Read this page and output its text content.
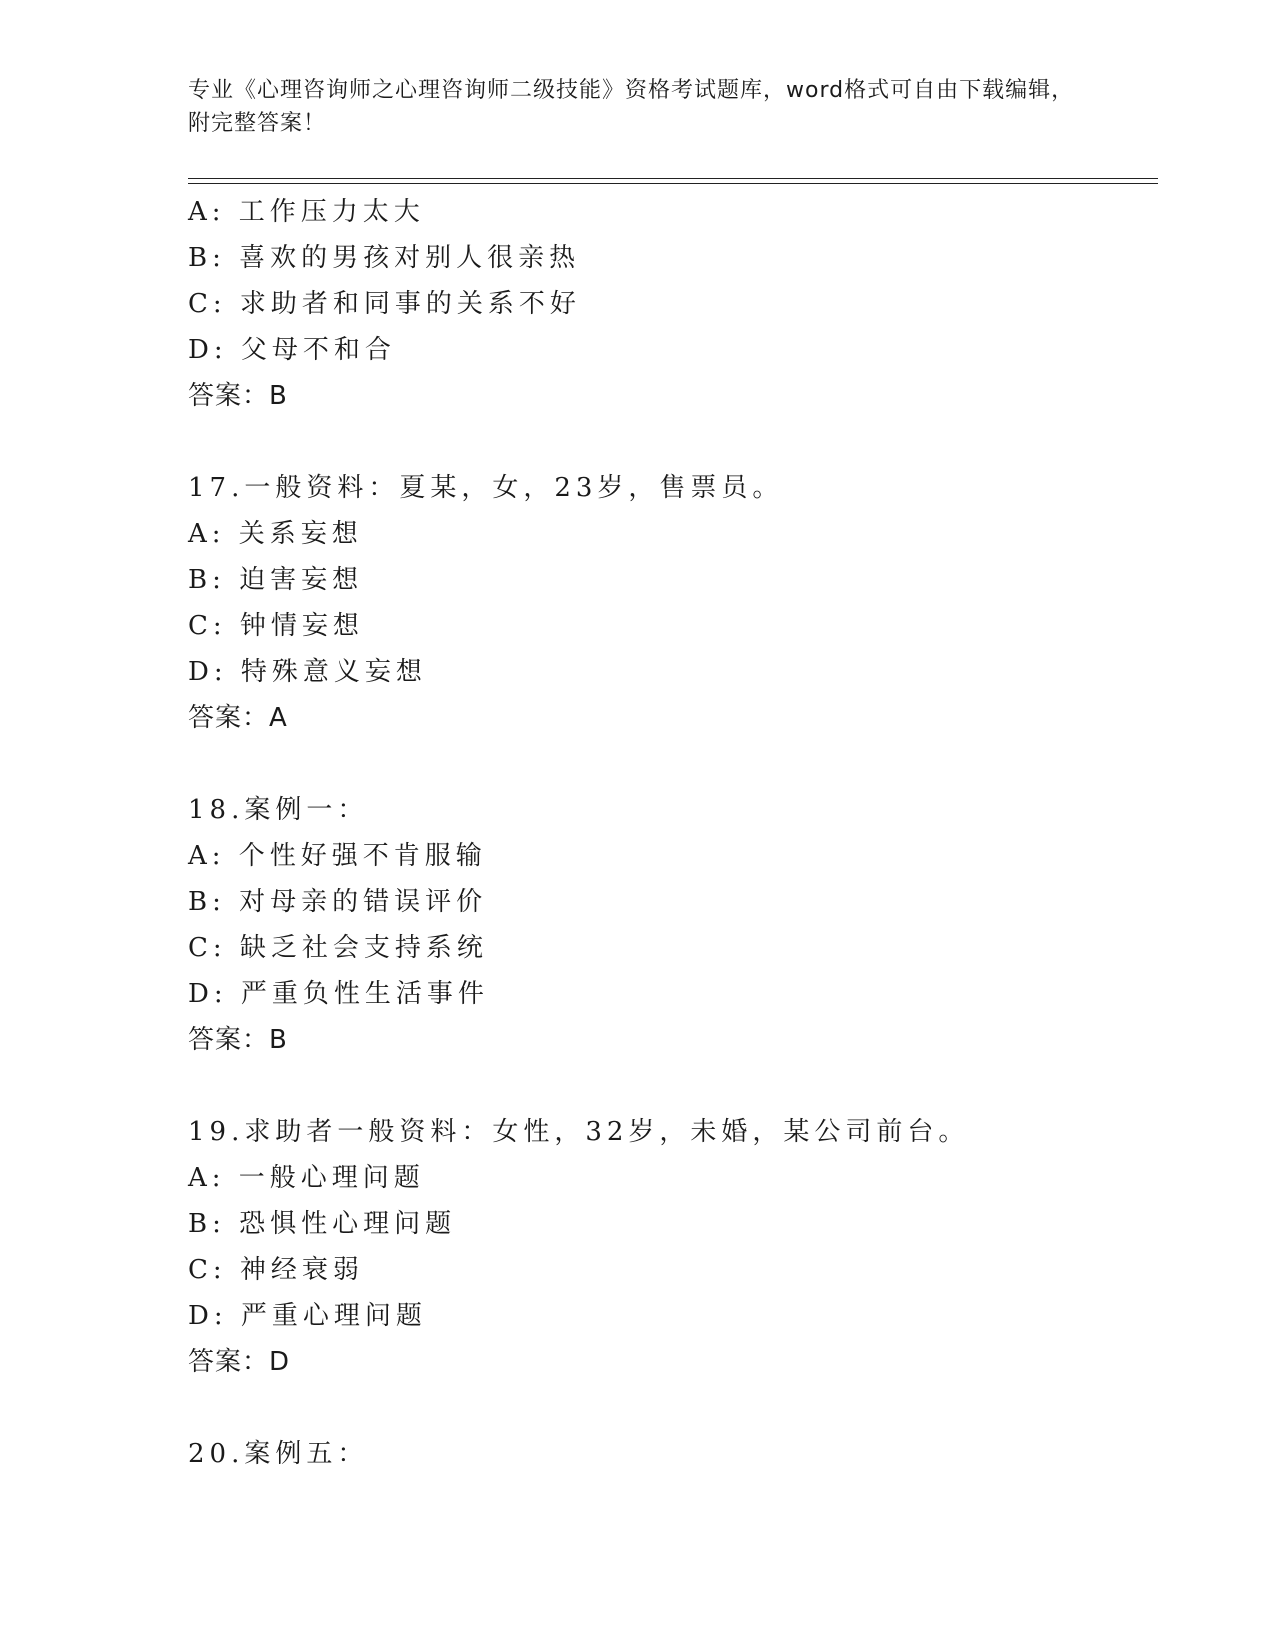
专业《心理咨询师之心理咨询师二级技能》资格考试题库，word格式可自由下载编辑，附完整答案！

A: 工作压力太大
B: 喜欢的男孩对别人很亲热
C: 求助者和同事的关系不好
D: 父母不和合
答案：B
17.一般资料：夏某，女，23岁，售票员。
A: 关系妄想
B: 迫害妄想
C: 钟情妄想
D: 特殊意义妄想
答案：A
18.案例一：
A: 个性好强不肯服输
B: 对母亲的错误评价
C: 缺乏社会支持系统
D: 严重负性生活事件
答案：B
19.求助者一般资料：女性，32岁，未婚，某公司前台。
A: 一般心理问题
B: 恐惧性心理问题
C: 神经衰弱
D: 严重心理问题
答案：D
20.案例五：
